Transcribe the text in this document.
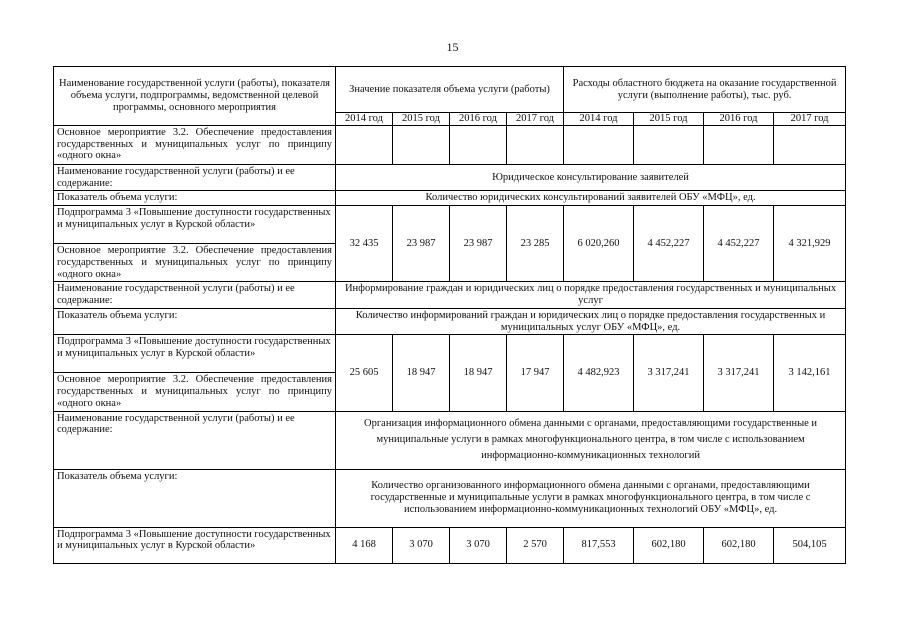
15
Наименование государственной услуги (работы), показателя объема услуги, подпрограммы, ведомственной целевой программы, основного мероприятия	Значение показателя объема услуги (работы)				Расходы областного бюджета на оказание государственной услуги (выполнение работы), тыс. руб.			
	2014 год	2015 год	2016 год	2017 год	2014 год	2015 год	2016 год	2017 год
Основное мероприятие 3.2. Обеспечение предоставления государственных и муниципальных услуг по принципу «одного окна»								
Наименование государственной услуги (работы) и ее содержание:	Юридическое консультирование заявителей							
Показатель объема услуги:	Количество юридических консультирований заявителей ОБУ «МФЦ», ед.							
Подпрограмма 3 «Повышение доступности государственных и муниципальных услуг в Курской области»	32 435	23 987	23 987	23 285	6 020,260	4 452,227	4 452,227	4 321,929
Основное мероприятие 3.2. Обеспечение предоставления государственных и муниципальных услуг по принципу «одного окна»								
Наименование государственной услуги (работы) и ее содержание:	Информирование граждан и юридических лиц о порядке предоставления государственных и муниципальных услуг							
Показатель объема услуги:	Количество информирований граждан и юридических лиц о порядке предоставления государственных и муниципальных услуг ОБУ «МФЦ», ед.							
Подпрограмма 3 «Повышение доступности государственных и муниципальных услуг в Курской области»	25 605	18 947	18 947	17 947	4 482,923	3 317,241	3 317,241	3 142,161
Основное мероприятие 3.2. Обеспечение предоставления государственных и муниципальных услуг по принципу «одного окна»								
Наименование государственной услуги (работы) и ее содержание:	Организация информационного обмена данными с органами, предоставляющими государственные и муниципальные услуги в рамках многофункционального центра, в том числе с использованием информационно-коммуникационных технологий							
Показатель объема услуги:	Количество организованного информационного обмена данными с органами, предоставляющими государственные и муниципальные услуги в рамках многофункционального центра, в том числе с использованием информационно-коммуникационных технологий ОБУ «МФЦ», ед.							
Подпрограмма 3 «Повышение доступности государственных и муниципальных услуг в Курской области»	4 168	3 070	3 070	2 570	817,553	602,180	602,180	504,105
